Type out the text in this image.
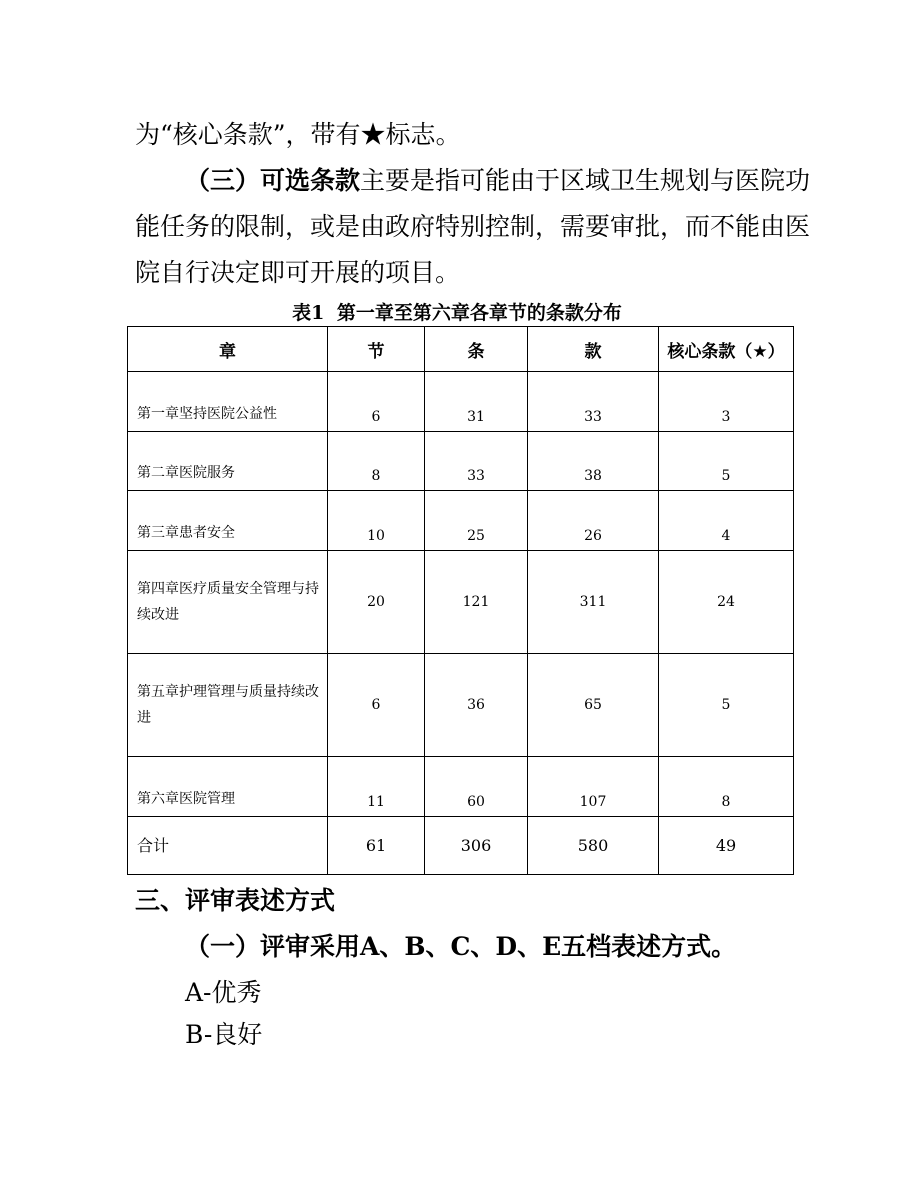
为“核心条款”，带有★标志。
（三）可选条款主要是指可能由于区域卫生规划与医院功
能任务的限制，或是由政府特别控制，需要审批，而不能由医
院自行决定即可开展的项目。
表1 第一章至第六章各章节的条款分布
章	节	条	款	核心条款（★）
第一章坚持医院公益性	6	31	33	3
第二章医院服务	8	33	38	5
第三章患者安全	10	25	26	4
第四章医疗质量安全管理与持续改进	20	121	311	24
第五章护理管理与质量持续改进	6	36	65	5
第六章医院管理	11	60	107	8
合计	61	306	580	49
三、评审表述方式
（一）评审采用A、B、C、D、E五档表述方式。
A-优秀
B-良好
